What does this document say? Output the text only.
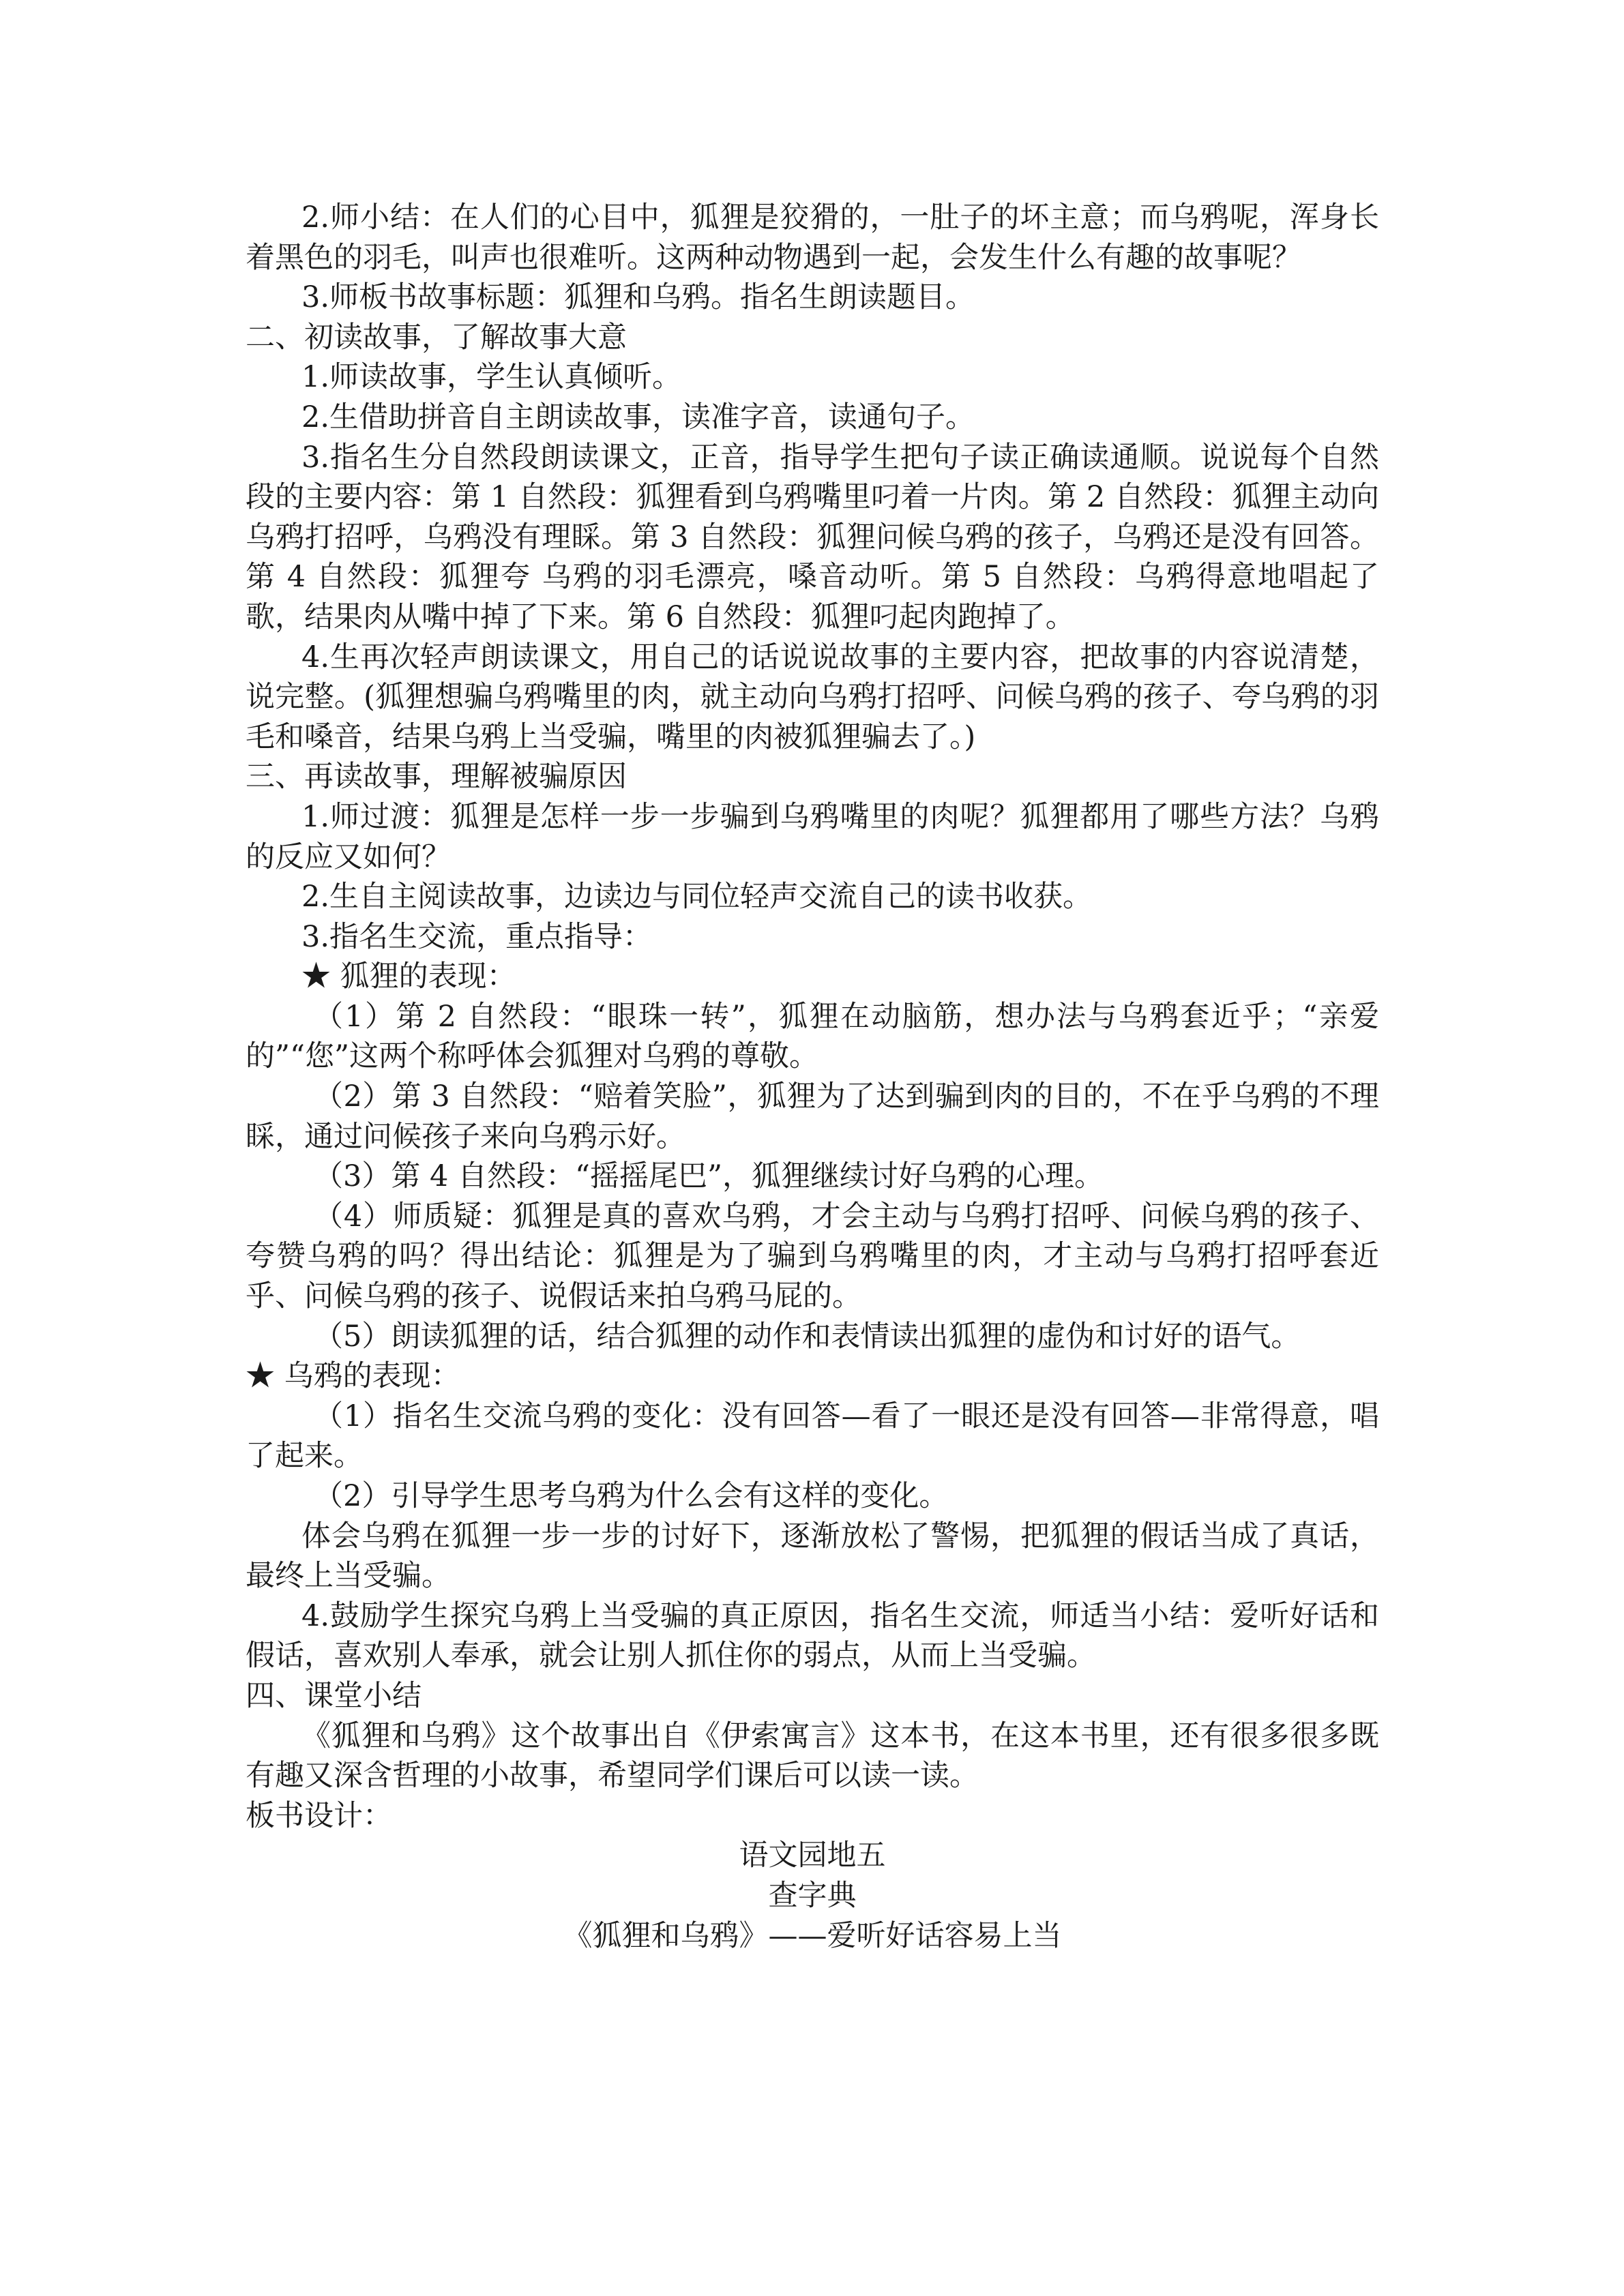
2.师小结：在人们的心目中，狐狸是狡猾的，一肚子的坏主意；而乌鸦呢，浑身长着黑色的羽毛，叫声也很难听。这两种动物遇到一起，会发生什么有趣的故事呢？

3.师板书故事标题：狐狸和乌鸦。指名生朗读题目。

二、初读故事，了解故事大意

1.师读故事，学生认真倾听。

2.生借助拼音自主朗读故事，读准字音，读通句子。

3.指名生分自然段朗读课文，正音，指导学生把句子读正确读通顺。说说每个自然段的主要内容：第 1 自然段：狐狸看到乌鸦嘴里叼着一片肉。第 2 自然段：狐狸主动向乌鸦打招呼，乌鸦没有理睬。第 3 自然段：狐狸问候乌鸦的孩子，乌鸦还是没有回答。第 4 自然段：狐狸夸 乌鸦的羽毛漂亮，嗓音动听。第 5 自然段：乌鸦得意地唱起了歌，结果肉从嘴中掉了下来。第 6 自然段：狐狸叼起肉跑掉了。

4.生再次轻声朗读课文，用自己的话说说故事的主要内容，把故事的内容说清楚，说完整。(狐狸想骗乌鸦嘴里的肉，就主动向乌鸦打招呼、问候乌鸦的孩子、夸乌鸦的羽毛和嗓音，结果乌鸦上当受骗，嘴里的肉被狐狸骗去了。)

三、再读故事，理解被骗原因

1.师过渡：狐狸是怎样一步一步骗到乌鸦嘴里的肉呢？狐狸都用了哪些方法？乌鸦的反应又如何？

2.生自主阅读故事，边读边与同位轻声交流自己的读书收获。

3.指名生交流，重点指导：

★ 狐狸的表现：

（1）第 2 自然段：“眼珠一转”，狐狸在动脑筋，想办法与乌鸦套近乎；“亲爱的”“您”这两个称呼体会狐狸对乌鸦的尊敬。

（2）第 3 自然段：“赔着笑脸”，狐狸为了达到骗到肉的目的，不在乎乌鸦的不理睬，通过问候孩子来向乌鸦示好。

（3）第 4 自然段：“摇摇尾巴”，狐狸继续讨好乌鸦的心理。

（4）师质疑：狐狸是真的喜欢乌鸦，才会主动与乌鸦打招呼、问候乌鸦的孩子、夸赞乌鸦的吗？得出结论：狐狸是为了骗到乌鸦嘴里的肉，才主动与乌鸦打招呼套近乎、问候乌鸦的孩子、说假话来拍乌鸦马屁的。

（5）朗读狐狸的话，结合狐狸的动作和表情读出狐狸的虚伪和讨好的语气。

★ 乌鸦的表现：

（1）指名生交流乌鸦的变化：没有回答—看了一眼还是没有回答—非常得意，唱了起来。

（2）引导学生思考乌鸦为什么会有这样的变化。

体会乌鸦在狐狸一步一步的讨好下，逐渐放松了警惕，把狐狸的假话当成了真话，最终上当受骗。

4.鼓励学生探究乌鸦上当受骗的真正原因，指名生交流，师适当小结：爱听好话和假话，喜欢别人奉承，就会让别人抓住你的弱点，从而上当受骗。

四、课堂小结

《狐狸和乌鸦》这个故事出自《伊索寓言》这本书，在这本书里，还有很多很多既有趣又深含哲理的小故事，希望同学们课后可以读一读。

板书设计：

语文园地五

查字典

《狐狸和乌鸦》——爱听好话容易上当
